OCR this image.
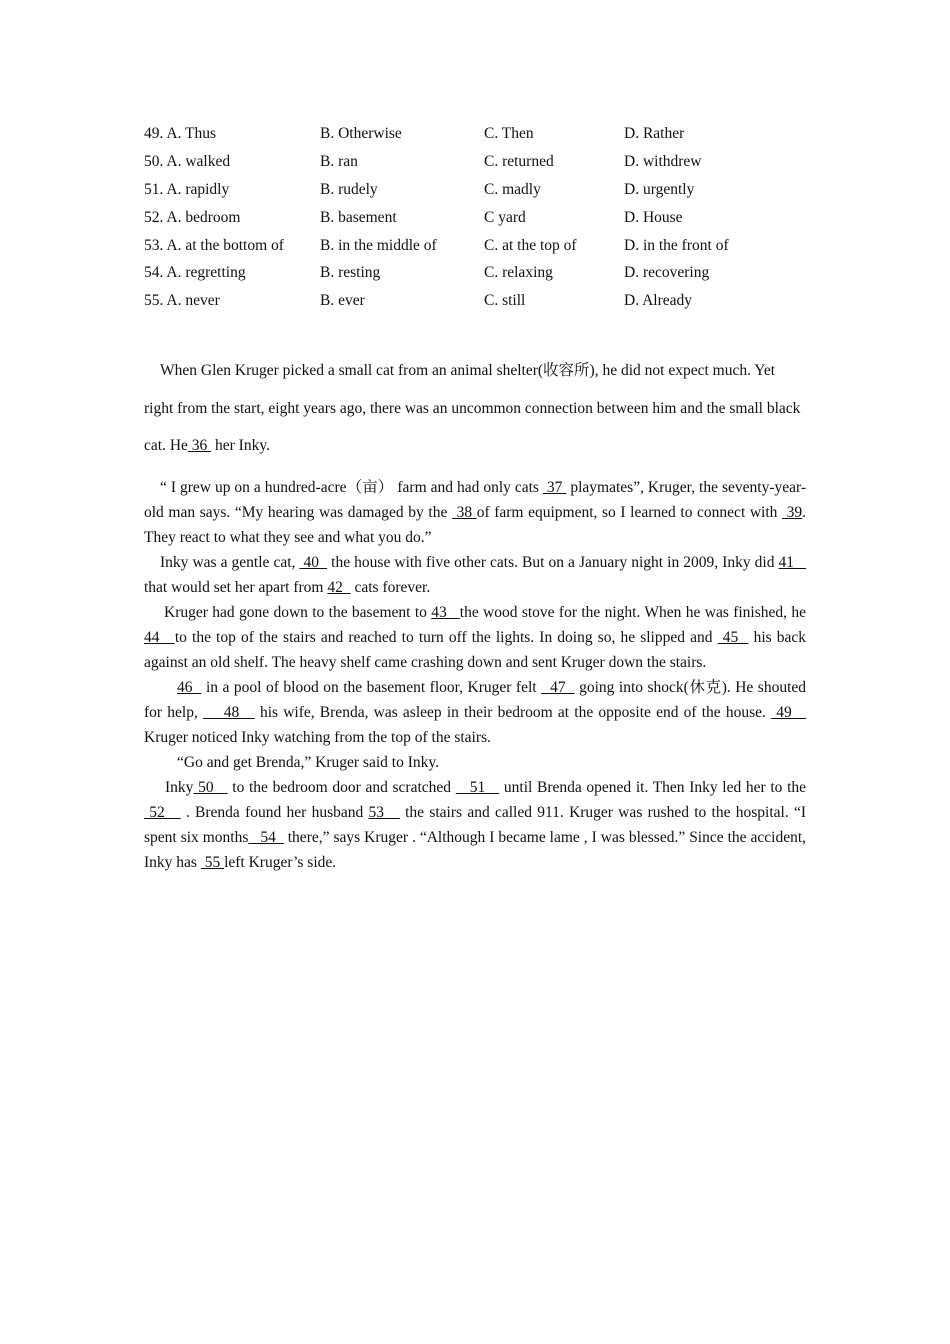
49. A. Thus	B. Otherwise	C. Then	D. Rather
50. A. walked	B. ran	C. returned	D. withdrew
51. A. rapidly	B. rudely	C. madly	D. urgently
52. A. bedroom	B. basement	C yard	D. House
53. A. at the bottom of B. in the middle of	C. at the top of	D. in the front of
54. A. regretting	B. resting	C. relaxing	D. recovering
55. A. never	B. ever	C. still	D. Already

When Glen Kruger picked a small cat from an animal shelter(收容所), he did not expect much. Yet right from the start, eight years ago, there was an uncommon connection between him and the small black cat. He 36  her Inky.

“ I grew up on a hundred-acre（亩） farm and had only cats  37  playmates”, Kruger, the seventy-year-old man says. “My hearing was damaged by the  38 of farm equipment, so I learned to connect with  39. They react to what they see and what you do.”

Inky was a gentle cat,  40   the house with five other cats. But on a January night in 2009, Inky did 41    that would set her apart from 42   cats forever.

Kruger had gone down to the basement to 43   the wood stove for the night. When he was finished, he 44   to the top of the stairs and reached to turn off the lights. In doing so, he slipped and  45   his back against an old shelf. The heavy shelf came crashing down and sent Kruger down the stairs.

46   in a pool of blood on the basement floor, Kruger felt   47   going into shock(休克). He shouted for help,     48    his wife, Brenda, was asleep in their bedroom at the opposite end of the house.  49    Kruger noticed Inky watching from the top of the stairs.

“Go and get Brenda,” Kruger said to Inky.

Inky 50    to the bedroom door and scratched    51    until Brenda opened it. Then Inky led her to the 52    . Brenda found her husband 53    the stairs and called 911. Kruger was rushed to the hospital. “I spent six months   54   there,” says Kruger . “Although I became lame , I was blessed.” Since the accident, Inky has  55 left Kruger’s side.
